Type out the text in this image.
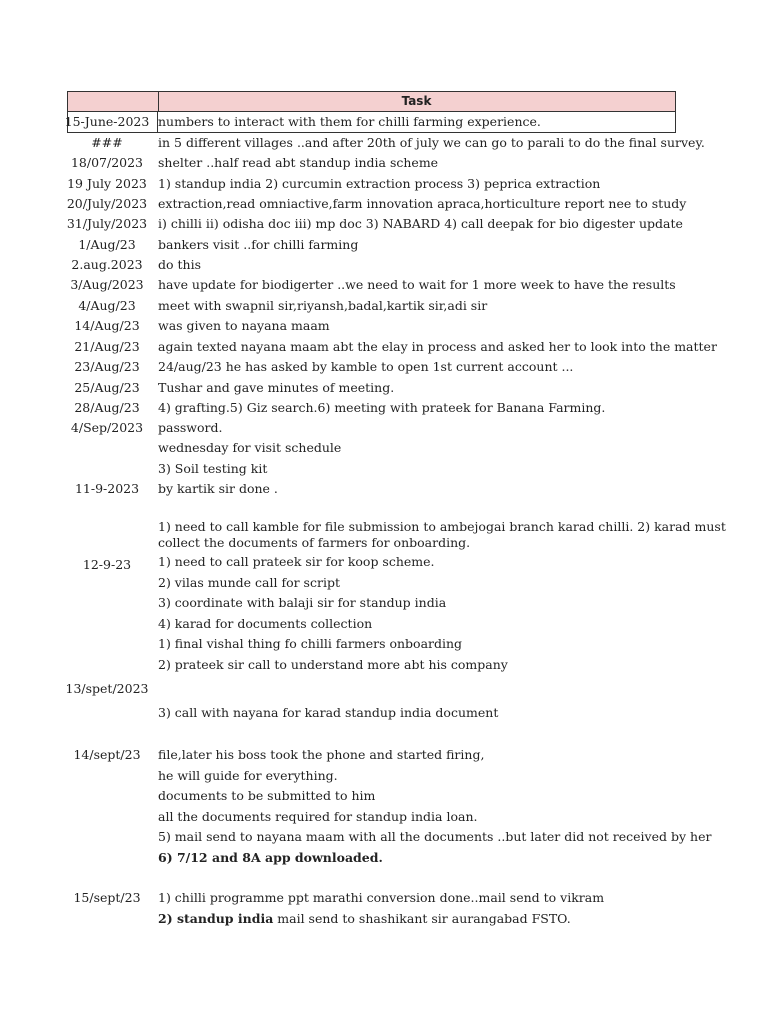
Task
15-June-2023 numbers to interact with them for chilli farming experience.
###	in 5 different villages ..and after 20th of july we can go to parali to do the final survey.
18/07/2023	shelter ..half read abt standup india scheme
19 July 2023 1) standup india 2) curcumin extraction process 3) peprica extraction
20/July/2023 extraction,read omniactive,farm innovation apraca,horticulture report nee to study
31/July/2023 i) chilli ii) odisha doc iii) mp doc 3) NABARD 4) call deepak for bio digester update
1/Aug/23	bankers visit ..for chilli farming
2.aug.2023	do this
3/Aug/2023	have update for biodigerter ..we need to wait for 1 more week to have the results
4/Aug/23	meet with swapnil sir,riyansh,badal,kartik sir,adi sir
14/Aug/23	was given to nayana maam
21/Aug/23	again texted nayana maam abt the elay in process and asked her to look into the matter
23/Aug/23	24/aug/23 he has asked by kamble to open 1st current account ...
25/Aug/23	Tushar and gave minutes of meeting.
28/Aug/23	4) grafting.5) Giz search.6) meeting with prateek for Banana Farming.
4/Sep/2023	password.
wednesday for visit schedule
3) Soil testing kit
11-9-2023	by kartik sir done .
12-9-23
1) need to call kamble for file submission to ambejogai branch karad chilli. 2) karad must collect the documents of farmers for onboarding.
1) need to call prateek sir for koop scheme.
2) vilas munde call for script
3) coordinate with balaji sir for standup india
4) karad for documents collection
1) final vishal thing fo chilli farmers onboarding
2) prateek sir call to understand more abt his company
13/spet/2023
3) call with nayana for karad standup india document
14/sept/23	file,later his boss took the phone and started firing,
he will guide for everything.
documents to be submitted to him
all the documents required for standup india loan.
5) mail send to nayana maam with all the documents ..but later did not received by her
6) 7/12 and 8A app downloaded.
15/sept/23	1) chilli programme ppt marathi conversion done..mail send to vikram
2) standup india mail send to shashikant sir aurangabad FSTO.
